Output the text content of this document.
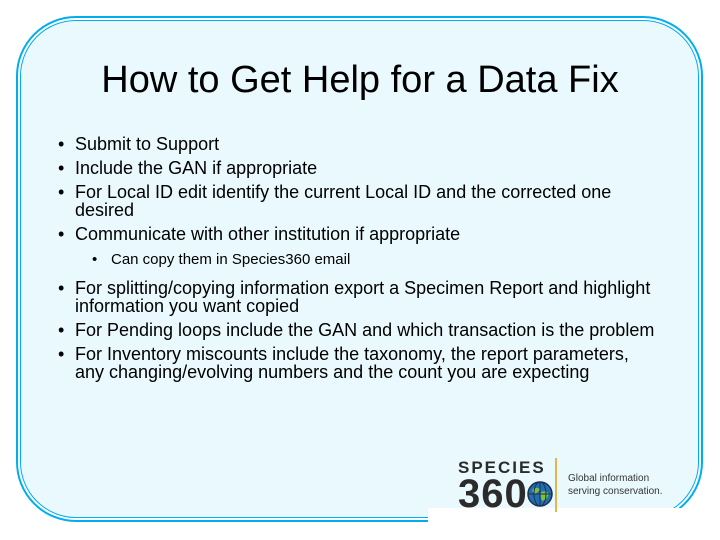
How to Get Help for a Data Fix
• Submit to Support
• Include the GAN if appropriate
• For Local ID edit identify the current Local ID and the corrected one desired
• Communicate with other institution if appropriate
• Can copy them in Species360 email
• For splitting/copying information export a Specimen Report and highlight information you want copied
• For Pending loops include the GAN and which transaction is the problem
• For Inventory miscounts include the taxonomy, the report parameters, any changing/evolving numbers and the count you are expecting
SPECIES
360	Global information
serving conservation.
